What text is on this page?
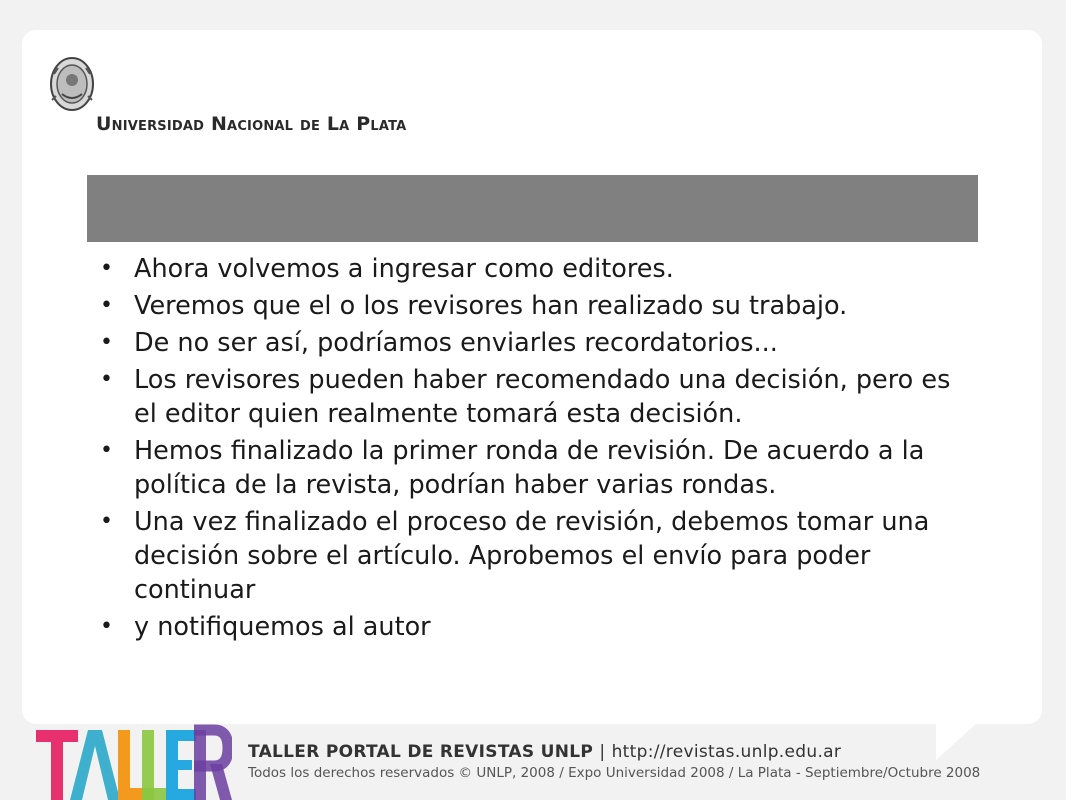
Universidad Nacional de La Plata
• Ahora volvemos a ingresar como editores.
• Veremos que el o los revisores han realizado su trabajo.
• De no ser así, podríamos enviarles recordatorios...
• Los revisores pueden haber recomendado una decisión, pero es el editor quien realmente tomará esta decisión.
• Hemos finalizado la primer ronda de revisión. De acuerdo a la política de la revista, podrían haber varias rondas.
• Una vez finalizado el proceso de revisión, debemos tomar una decisión sobre el artículo. Aprobemos el envío para poder continuar
• y notifiquemos al autor
TALLER
TALLER PORTAL DE REVISTAS UNLP | http://revistas.unlp.edu.ar
Todos los derechos reservados © UNLP, 2008 / Expo Universidad 2008 / La Plata - Septiembre/Octubre 2008
